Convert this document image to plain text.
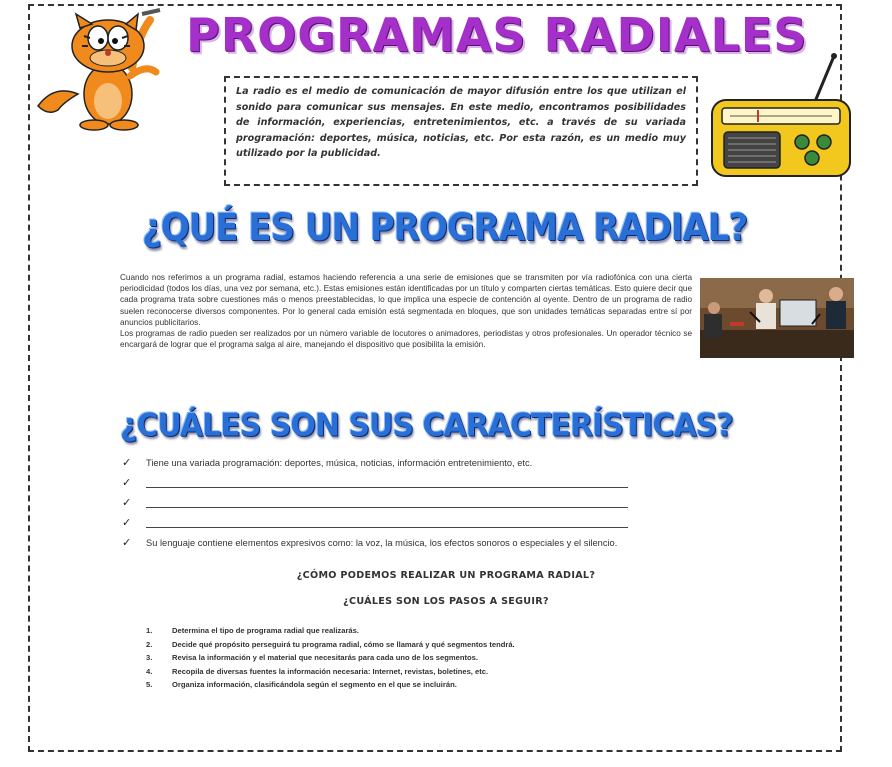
PROGRAMAS RADIALES
La radio es el medio de comunicación de mayor difusión entre los que utilizan el sonido para comunicar sus mensajes. En este medio, encontramos posibilidades de información, experiencias, entretenimientos, etc. a través de su variada programación: deportes, música, noticias, etc. Por esta razón, es un medio muy utilizado por la publicidad.
¿QUÉ ES UN PROGRAMA RADIAL?

Cuando nos referimos a un programa radial, estamos haciendo referencia a una serie de emisiones que se transmiten por vía radiofónica con una cierta periodicidad (todos los días, una vez por semana, etc.). Estas emisiones están identificadas por un título y comparten ciertas temáticas. Esto quiere decir que cada programa trata sobre cuestiones más o menos preestablecidas, lo que implica una especie de contención al oyente. Dentro de un programa de radio suelen reconocerse diversos componentes. Por lo general cada emisión está segmentada en bloques, que son unidades temáticas separadas entre sí por anuncios publicitarios.

Los programas de radio pueden ser realizados por un número variable de locutores o animadores, periodistas y otros profesionales. Un operador técnico se encargará de lograr que el programa salga al aire, manejando el dispositivo que posibilita la emisión.

¿CUÁLES SON SUS CARACTERÍSTICAS?
✓ Tiene una variada programación: deportes, música, noticias, información entretenimiento, etc.
✓
✓
✓
✓ Su lenguaje contiene elementos expresivos como: la voz, la música, los efectos sonoros o especiales y el silencio.
¿CÓMO PODEMOS REALIZAR UN PROGRAMA RADIAL?
¿CUÁLES SON LOS PASOS A SEGUIR?
1.	Determina el tipo de programa radial que realizarás.
2.	Decide qué propósito perseguirá tu programa radial, cómo se llamará y qué segmentos tendrá.
3.	Revisa la información y el material que necesitarás para cada uno de los segmentos.
4.	Recopila de diversas fuentes la información necesaria: Internet, revistas, boletines, etc.
5.	Organiza información, clasificándola según el segmento en el que se incluirán.
